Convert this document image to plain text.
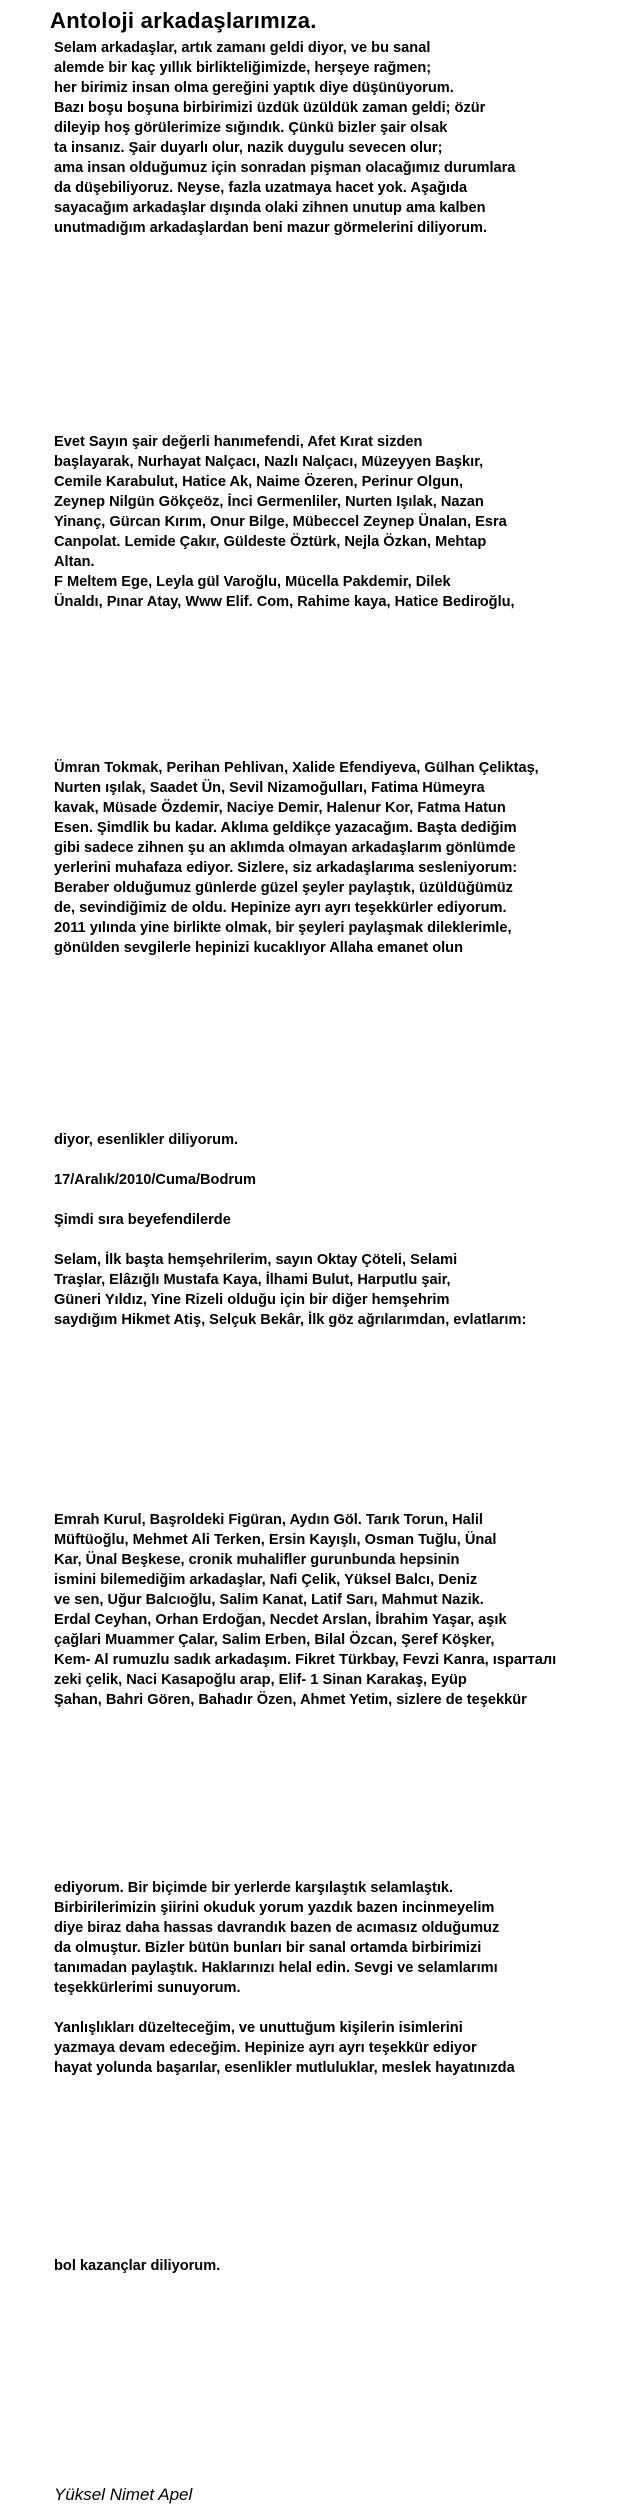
Antoloji arkadaşlarımıza.
Selam arkadaşlar, artık zamanı geldi diyor, ve bu sanal
alemde bir kaç yıllık birlikteliğimizde, herşeye rağmen;
her birimiz insan olma gereğini yaptık diye düşünüyorum.
Bazı boşu boşuna birbirimizi üzdük üzüldük zaman geldi; özür
dileyip hoş görülerimize sığındık. Çünkü bizler şair olsak
ta insanız. Şair duyarlı olur, nazik duygulu sevecen olur;
ama insan olduğumuz için sonradan pişman olacağımız durumlara
da düşebiliyoruz. Neyse, fazla uzatmaya hacet yok. Aşağıda
sayacağım arkadaşlar dışında olaki zihnen unutup ama kalben
unutmadığım arkadaşlardan beni mazur görmelerini diliyorum.
Evet Sayın şair değerli hanımefendi, Afet Kırat sizden
başlayarak, Nurhayat Nalçacı, Nazlı Nalçacı, Müzeyyen Başkır,
Cemile Karabulut, Hatice Ak, Naime Özeren, Perinur Olgun,
Zeynep Nilgün Gökçeöz, İnci Germenliler, Nurten Işılak, Nazan
Yinanç, Gürcan Kırım, Onur Bilge, Mübeccel Zeynep Ünalan, Esra
Canpolat. Lemide Çakır, Güldeste Öztürk, Nejla Özkan, Mehtap
Altan.
F Meltem Ege, Leyla gül Varoğlu, Mücella Pakdemir, Dilek
Ünaldı, Pınar Atay, Www Elif. Com, Rahime kaya, Hatice Bediroğlu,
Ümran Tokmak, Perihan Pehlivan, Xalide Efendiyeva, Gülhan Çeliktaş,
Nurten ışılak, Saadet Ün, Sevil Nizamoğulları, Fatima Hümeyra
kavak, Müsade Özdemir, Naciye Demir, Halenur Kor, Fatma Hatun
Esen. Şimdlik bu kadar. Aklıma geldikçe yazacağım. Başta dediğim
gibi sadece zihnen şu an aklımda olmayan arkadaşlarım gönlümde
yerlerini muhafaza ediyor. Sizlere, siz arkadaşlarıma sesleniyorum:
Beraber olduğumuz günlerde güzel şeyler paylaştık, üzüldüğümüz
de, sevindiğimiz de oldu. Hepinize ayrı ayrı teşekkürler ediyorum.
2011 yılında yine birlikte olmak, bir şeyleri paylaşmak dileklerimle,
gönülden sevgilerle hepinizi kucaklıyor Allaha emanet olun
diyor, esenlikler diliyorum.
17/Aralık/2010/Cuma/Bodrum
Şimdi sıra beyefendilerde
Selam, İlk başta hemşehrilerim, sayın Oktay Çöteli, Selami
Traşlar, Elâzığlı Mustafa Kaya, İlhami Bulut, Harputlu şair,
Güneri Yıldız, Yine Rizeli olduğu için bir diğer hemşehrim
saydığım Hikmet Atiş, Selçuk Bekâr, İlk göz ağrılarımdan, evlatlarım:
Emrah Kurul, Başroldeki Figüran, Aydın Göl. Tarık Torun, Halil
Müftüoğlu, Mehmet Ali Terken, Ersin Kayışlı, Osman Tuğlu, Ünal
Kar, Ünal Beşkese, cronik muhalifler gurunbunda hepsinin
ismini bilemediğim arkadaşlar, Nafi Çelik, Yüksel Balcı, Deniz
ve sen, Uğur Balcıoğlu, Salim Kanat, Latif Sarı, Mahmut Nazik.
Erdal Ceyhan, Orhan Erdoğan, Necdet Arslan, İbrahim Yaşar, aşık
çağlari Muammer Çalar, Salim Erben, Bilal Özcan, Şeref Köşker,
Kem- Al rumuzlu sadık arkadaşım. Fikret Türkbay, Fevzi Kanra, ısparталı
zeki çelik, Naci Kasapoğlu arap, Elif- 1 Sinan Karakaş, Eyüp
Şahan, Bahri Gören, Bahadır Özen, Ahmet Yetim, sizlere de teşekkür
ediyorum. Bir biçimde bir yerlerde karşılaştık selamlaştık.
Birbirilerimizin şiirini okuduk yorum yazdık bazen incinmeyelim
diye biraz daha hassas davrandık bazen de acımasız olduğumuz
da olmuştur. Bizler bütün bunları bir sanal ortamda birbirimizi
tanımadan paylaştık. Haklarınızı helal edin. Sevgi ve selamlarımı
teşekkürlerimi sunuyorum.
Yanlışlıkları düzelteceğim, ve unuttuğum kişilerin isimlerini
yazmaya devam edeceğim. Hepinize ayrı ayrı teşekkür ediyor
hayat yolunda başarılar, esenlikler mutluluklar, meslek hayatınızda
bol kazançlar diliyorum.
Yüksel Nimet Apel
